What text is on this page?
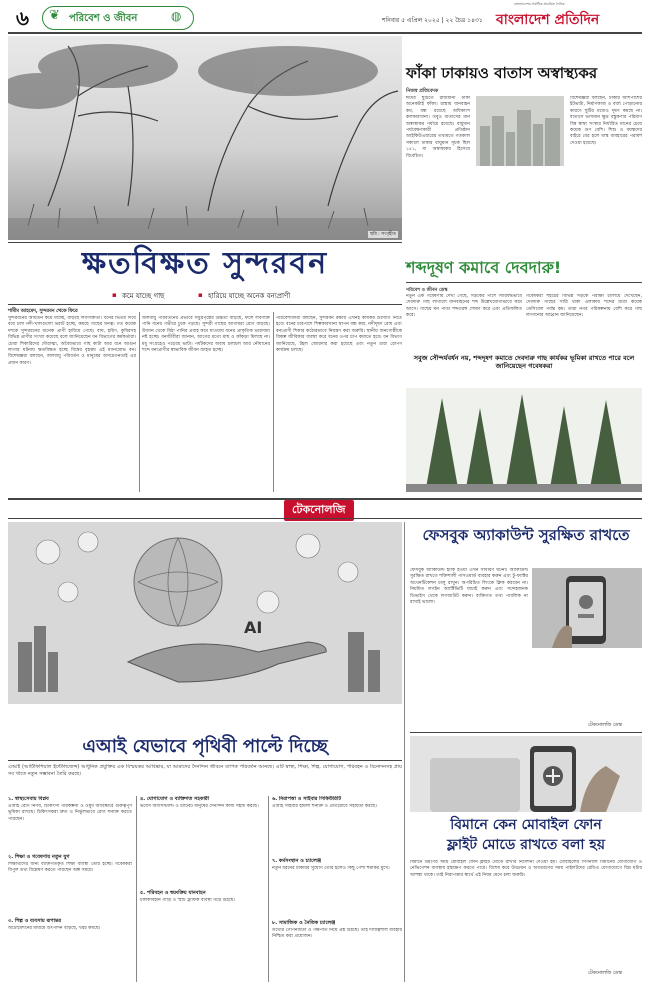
৬ ❦ পরিবেশ ও জীবন	◍	শনিবার ৫ এপ্রিল ২০২৫ | ২২ চৈত্র ১৪৩১
বাংলাদেশের সর্বাধিক প্রচারিত দৈনিক
বাংলাদেশ প্রতিদিন
ছবি : সংগৃহীত
ফাঁকা ঢাকায়ও বাতাস অস্বাস্থ্যকর
নিজস্ব প্রতিবেদক
ঈদের ছুটিতে রাজধানী ঢাকা অনেকটাই ফাঁকা। রাস্তায় যানবাহন কম, বন্ধ রয়েছে অধিকাংশ কলকারখানা। তবুও বাতাসের মান অস্বাস্থ্যকর পর্যায়ে রয়েছে। বায়ুমান পর্যবেক্ষণকারী প্রতিষ্ঠান আইকিউএয়ারের তথ্যমতে গতকাল সকালে ঢাকার বায়ুমান সূচক ছিল ১৫১, যা অস্বাস্থ্যকর হিসেবে বিবেচিত।
বিশেষজ্ঞরা বলছেন, ঢাকার আশপাশের ইটভাটা, নির্মাণকাজ ও বর্জ্য পোড়ানোর কারণে ছুটির মধ্যেও দূষণ কমছে না। বাতাসে ভাসমান ক্ষুদ্র বস্তুকণার পরিমাণ বিশ্ব স্বাস্থ্য সংস্থার নির্ধারিত মানের চেয়ে কয়েক গুণ বেশি। শিশু ও বয়স্কদের বাইরে বের হলে মাস্ক ব্যবহারের পরামর্শ দেওয়া হয়েছে।
ক্ষতবিক্ষত সুন্দরবন
▪ কমে যাচ্ছে গাছ	▪ হারিয়ে যাচ্ছে অনেক বন্যপ্রাণী
শামীম আহমেদ, সুন্দরবন থেকে ফিরে
সুন্দরবনের আয়তন কমে যাচ্ছে, বাড়ছে লবণাক্ততা। বনের ভিতর দিয়ে বয়ে চলা নদী-খালগুলো ভরাট হচ্ছে, কমছে গাছের ঘনত্ব। গত কয়েক দশকে সুন্দরবনের অনেক প্রাণী হারিয়ে গেছে। বাঘ, হরিণ, কুমিরসহ বিভিন্ন প্রাণীর সংখ্যা কমেছে বলে জানিয়েছেন বন বিভাগের কর্মকর্তারা। চোরা শিকারিদের দৌরাত্ম্য, অবৈধভাবে গাছ কাটা আর বনে আগুন লাগার ঘটনায় ক্ষতবিক্ষত হচ্ছে বিশ্বের বৃহত্তম এই ম্যানগ্রোভ বন। বিশেষজ্ঞরা বলছেন, জলবায়ু পরিবর্তন ও মানুষের অসচেতনতাই এর প্রধান কারণ।
জলবায়ু পরিবর্তনের প্রভাবে সমুদ্রপৃষ্ঠের উচ্চতা বাড়ছে, ফলে লবণাক্ত পানি বনের গভীরে ঢুকে পড়ছে। সুন্দরী গাছের আগামরা রোগ বাড়ছে। উজান থেকে মিঠা পানির প্রবাহ কমে যাওয়ায় বনের প্রাকৃতিক ভারসাম্য নষ্ট হচ্ছে। বনজীবীরা জানান, আগের মতো মাছ ও কাঁকড়া মিলছে না। মধু সংগ্রহেও পড়েছে ভাটা। পর্যটকদের অবাধ চলাচল আর নৌযানের শব্দে বন্যপ্রাণীর স্বাভাবিক জীবন ব্যাহত হচ্ছে।
পরিবেশবিদরা বলছেন, সুন্দরবন রক্ষায় এখনই কার্যকর উদ্যোগ নিতে হবে। বনের চারপাশে শিল্পকারখানা স্থাপন বন্ধ করা, নদীদূষণ রোধ এবং বন্যপ্রাণী শিকার কঠোরভাবে নিয়ন্ত্রণ করা জরুরি। স্থানীয় জনগোষ্ঠীকে বিকল্প জীবিকার ব্যবস্থা করে বনের ওপর চাপ কমাতে হবে। বন বিভাগ জানিয়েছে, টহল জোরদার করা হয়েছে এবং নতুন চারা রোপণ কার্যক্রম চলছে।
শব্দদূষণ কমাবে দেবদারু!
পরিবেশ ও জীবন ডেস্ক
নতুন এক গবেষণায় দেখা গেছে, সড়কের পাশে সারিবদ্ধভাবে দেবদারু গাছ লাগালে যানবাহনের শব্দ উল্লেখযোগ্যভাবে কমে আসে। গাছের ঘন পাতা শব্দতরঙ্গ শোষণ করে এবং প্রতিফলিত করে।
গবেষকরা শহরের বিভিন্ন সড়কে পরীক্ষা চালিয়ে দেখেছেন, দেবদারু গাছের সারি থাকা এলাকায় শব্দের মাত্রা কয়েক ডেসিবেল পর্যন্ত কম। তারা নগর পরিকল্পনায় বেশি করে গাছ লাগানোর আহ্বান জানিয়েছেন।
সবুজ সৌন্দর্যবর্ধন নয়, শব্দদূষণ কমাতে দেবদারু গাছ কার্যকর ভূমিকা রাখতে পারে বলে জানিয়েছেন গবেষকরা
টেকনোলজি
AI
এআই যেভাবে পৃথিবী পাল্টে দিচ্ছে
এআই (আর্টিফিশিয়াল ইন্টেলিজেন্স) আধুনিক প্রযুক্তির এক বিস্ময়কর আবিষ্কার, যা আমাদের দৈনন্দিন জীবনে ব্যাপক পরিবর্তন আনছে। এটি স্বাস্থ্য, শিক্ষা, শিল্প, যোগাযোগ, পরিবহন ও বিনোদনসহ প্রায় সব খাতে নতুন সম্ভাবনা তৈরি করছে।
১. স্বাস্থ্যসেবায় বিপ্লব
এআই রোগ নির্ণয়, চিকিৎসা পরিকল্পনা ও ওষুধ আবিষ্কারে গুরুত্বপূর্ণ ভূমিকা রাখছে। চিকিৎসকরা দ্রুত ও নির্ভুলভাবে রোগ শনাক্ত করতে পারছেন।
২. শিক্ষা ও গবেষণায় নতুন যুগ
শিক্ষার্থীদের জন্য ব্যক্তিগতকৃত শিক্ষা ব্যবস্থা তৈরি হচ্ছে। গবেষকরা বিপুল তথ্য বিশ্লেষণ করতে পারছেন অল্প সময়ে।
৩. শিল্প ও ব্যবসায় রূপান্তর
অটোমেশনের মাধ্যমে উৎপাদন বাড়ছে, খরচ কমছে।
৪. যোগাযোগ ও ব্যক্তিগত সহকারী
ভয়েস অ্যাসিস্ট্যান্ট ও চ্যাটবট মানুষের দৈনন্দিন কাজ সহজ করছে।
৫. পরিবহন ও স্বয়ংক্রিয় যানবাহন
চালকবিহীন গাড়ি ও স্মার্ট ট্রাফিক ব্যবস্থা গড়ে উঠছে।
৬. নিরাপত্তা ও সাইবার সিকিউরিটি
এআই সাইবার হামলা শনাক্ত ও প্রতিরোধে সহায়তা করছে।
৭. কর্মসংস্থান ও চ্যালেঞ্জ
নতুন ধরনের চাকরির সুযোগ তৈরি হলেও কিছু পেশা হুমকির মুখে।
৮. সামাজিক ও নৈতিক চ্যালেঞ্জ
তথ্যের গোপনীয়তা ও পক্ষপাত নিয়ে প্রশ্ন উঠছে। তাই দায়িত্বশীল ব্যবহার নিশ্চিত করা প্রয়োজন।
ফেসবুক অ্যাকাউন্ট সুরক্ষিত রাখতে
ফেসবুক অ্যাকাউন্ট হ্যাক হওয়া এখন সাধারণ ঘটনা। অ্যাকাউন্ট সুরক্ষিত রাখতে শক্তিশালী পাসওয়ার্ড ব্যবহার করুন এবং টু-ফ্যাক্টর অথেনটিকেশন চালু রাখুন। অপরিচিত লিংকে ক্লিক করবেন না। নিয়মিত লগইন অ্যাক্টিভিটি যাচাই করুন এবং সন্দেহজনক ডিভাইস থেকে লগআউট করুন। ব্যক্তিগত তথ্য পাবলিক না রাখাই ভালো।
টেকনোলজি ডেস্ক
বিমানে কেন মোবাইল ফোন
ফ্লাইট মোডে রাখতে বলা হয়
বিমানে ভ্রমণের সময় মোবাইল ফোন ফ্লাইট মোডে রাখার নির্দেশনা দেওয়া হয়। মোবাইলের সিগন্যাল বিমানের যোগাযোগ ও নেভিগেশন ব্যবস্থায় হস্তক্ষেপ করতে পারে। বিশেষ করে উড্ডয়ন ও অবতরণের সময় পাইলটদের রেডিও যোগাযোগে বিঘ্ন ঘটার আশঙ্কা থাকে। তাই নিরাপত্তার স্বার্থে এই নিয়ম মেনে চলা জরুরি।
টেকনোলজি ডেস্ক
